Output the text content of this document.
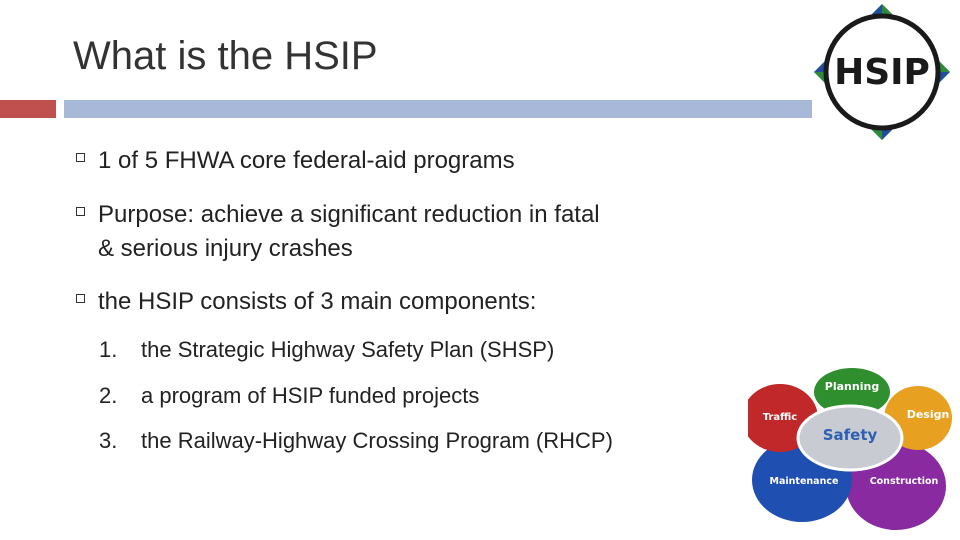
What is the HSIP	HSIP
1 of 5 FHWA core federal-aid programs
Purpose: achieve a significant reduction in fatal
& serious injury crashes
the HSIP consists of 3 main components:
1. the Strategic Highway Safety Plan (SHSP)
2. a program of HSIP funded projects
3. the Railway-Highway Crossing Program (RHCP)
Planning
Traffic	Design
Safety
Maintenance	Construction
